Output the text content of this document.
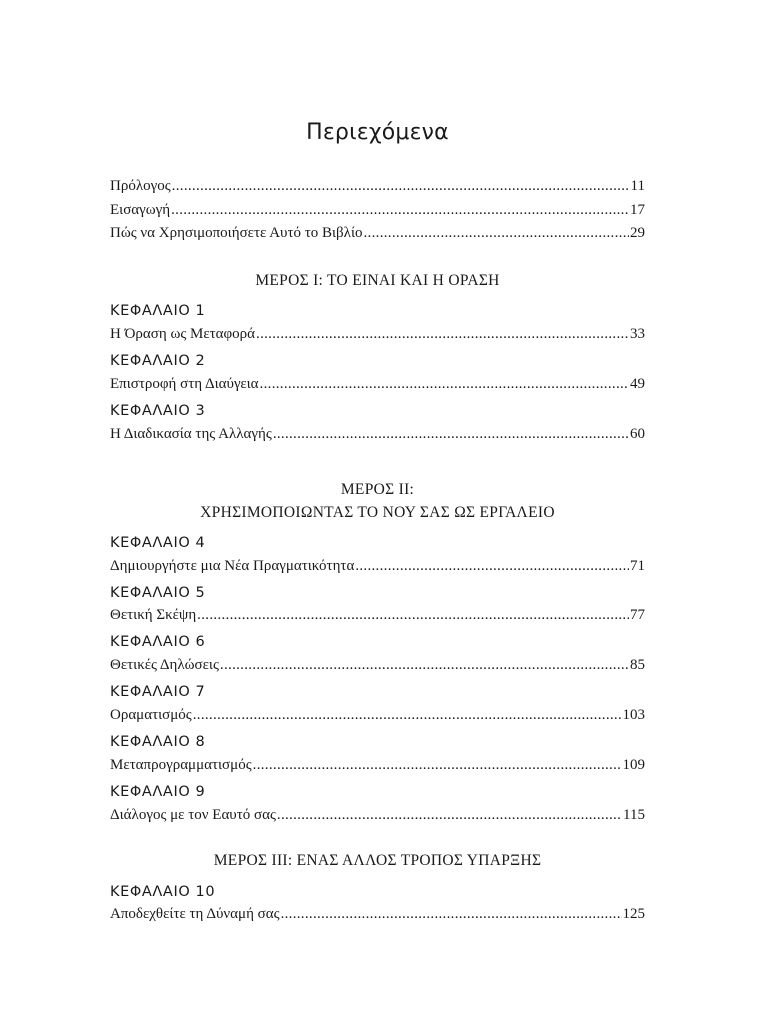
Περιεχόμενα
Πρόλογος .....	11
Εισαγωγή .....	17
Πώς να Χρησιμοποιήσετε Αυτό το Βιβλίο .....	29
ΜΕΡΟΣ Ι: ΤΟ ΕΙΝΑΙ ΚΑΙ Η ΟΡΑΣΗ
ΚΕΦΑΛΑΙΟ 1
Η Όραση ως Μεταφορά .....	33
ΚΕΦΑΛΑΙΟ 2
Επιστροφή στη Διαύγεια .....	49
ΚΕΦΑΛΑΙΟ 3
Η Διαδικασία της Αλλαγής .....	60
ΜΕΡΟΣ ΙΙ:
ΧΡΗΣΙΜΟΠΟΙΩΝΤΑΣ ΤΟ ΝΟΥ ΣΑΣ ΩΣ ΕΡΓΑΛΕΙΟ
ΚΕΦΑΛΑΙΟ 4
Δημιουργήστε μια Νέα Πραγματικότητα .....	71
ΚΕΦΑΛΑΙΟ 5
Θετική Σκέψη .....	77
ΚΕΦΑΛΑΙΟ 6
Θετικές Δηλώσεις .....	85
ΚΕΦΑΛΑΙΟ 7
Οραματισμός .....	103
ΚΕΦΑΛΑΙΟ 8
Μεταπρογραμματισμός .....	109
ΚΕΦΑΛΑΙΟ 9
Διάλογος με τον Εαυτό σας .....	115
ΜΕΡΟΣ ΙΙΙ: ΕΝΑΣ ΑΛΛΟΣ ΤΡΟΠΟΣ ΥΠΑΡΞΗΣ
ΚΕΦΑΛΑΙΟ 10
Αποδεχθείτε τη Δύναμή σας .....	125
